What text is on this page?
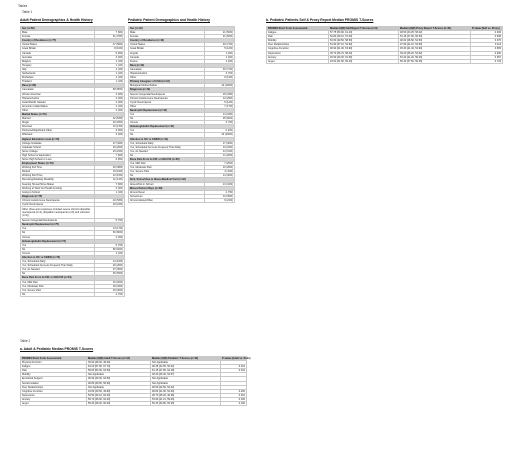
Tables
Table 1
Adult Patient Demographics & Health History
Sex (n=80)	
Male	7 (9%)
Female	61 (76%)
Country of Residence (n=77)	
United States	47 (59%)
Great Britain	8 (10%)
Canada	5 (6%)
Australia	3 (4%)
Belgium	1 (1%)
Hungary	1 (1%)
Italy	1 (1%)
Netherlands	1 (1%)
Zimbabwe	1 (1%)
Thailand	1 (1%)
Race (n=80)	
Caucasian	68 (85%)
African American	3 (4%)
Hispanic/Latino	2 (3%)
Asian/Pacific Islander	2 (3%)
American Indian/Native	1 (1%)
Other	2 (3%)
Marital Status (n=79)	
Married	42 (53%)
Single	20 (25%)
Divorced	10 (13%)
Partnered/Significant Other	4 (5%)
Widowed	3 (4%)
Highest Education Level (n=79)	
College Graduate	27 (34%)
Graduate School	20 (25%)
Some College	19 (24%)
High School or Equivalent	7 (9%)
Some High School or Less	6 (8%)
Employment Status (n=79)	
Working Full Time	30 (38%)
Retired	15 (19%)
Working Part Time	12 (15%)
Receiving/Awaiting Disability	11 (14%)
Keeping House/Home Maker	7 (9%)
Working to Work but Health Limiting	3 (4%)
Going to School	1 (1%)
Diagnosis (n=75)	
Chronic Autoimmune Neutropenia	40 (53%)
Cyclic Neutropenia	18 (24%)
Other (Free-text responses included severe chronic idiopathic neutropenia (n=4), idiopathic neutropenia (n=3) and unknown (n=1))	
Severe Congenital Neutropenia	5 (7%)
Neutrophil Replacement (n=75)	
Yes	13 (17%)
No	60 (80%)
Unsure	2 (3%)
Immunoglobulin Replacement (n=74)	
Yes	5 (7%)
No	68 (92%)
Unsure	1 (1%)
Infection in ICU or ER/ED (n=76)	
Yes, Scheduled Daily	14 (18%)
Yes, Scheduled but Less Frequent Than Daily	20 (26%)
Yes, As Needed	27 (36%)
No	45 (59%)
Bone Pain From G-CSF or GM-CSF (n=54)	
Yes, Mild Pain	16 (30%)
Yes, Moderate Pain	18 (33%)
Yes, Severe Pain	16 (30%)
No	4 (7%)
Pediatric Patient Demographics and Health History
Sex (n=42)	
Male	21 (50%)
Female	21 (50%)
Country of Residence (n=42)	
United States	30 (71%)
Great Britain	5 (12%)
Angola	1 (2%)
Canada	1 (2%)
France	1 (2%)
Race (n=42)	
Caucasian	30 (71%)
Hispanic/Latino	3 (7%)
Other	6 (14%)
Primary Caregiver of Child (n=42)	
Biological Mother/Father	42 (100%)
Diagnosis (n=42)	
Severe Congenital Neutropenia	18 (43%)
Chronic Autoimmune Neutropenia	12 (29%)
Cyclic Neutropenia	5 (12%)
Other	7 (17%)
Neutrophil Replacement (n=42)	
Yes	14 (33%)
No	25 (60%)
Unsure	3 (7%)
Immunoglobulin Replacement (n=42)	
Yes	0 (0%)
No	42 (100%)
Infection in ICU or ER/ED (n=42)	
Yes, Scheduled Daily	17 (40%)
Yes, Scheduled but Less Frequent Than Daily	10 (24%)
Yes, As Needed	13 (31%)
No	11 (26%)
Bone Pain From G-CSF or GM-CSF (n=35)	
Yes, Mild Pain	7 (20%)
Yes, Moderate Pain	10 (29%)
Yes, Severe Pain	4 (11%)
No	14 (40%)
Sick, School Due to Illness/Medical Visit (n=32)	
Absent/Not in School	13 (41%)
Missed School Days (n=28)	
Almost Never	2 (7%)
Sometimes	10 (36%)
Almost Always/Often	6 (21%)
b. Pediatric Patients Self & Proxy Report Median PROMIS T-Scores
PROMIS Short Form Assessment	Median (IQR) Self Report T-Scores (n=9)	Median (IQR) Proxy Report T-Scores (n=31)	P-value (Self vs. Proxy)
Fatigue	57.75 [50.90, 61.43]	48.50 [43.25, 58.02]	0.306
Pain	52.80 [49.10, 57.00]	51.15 [47.90, 60.53]	0.608
Mobility	54.50 [49.50, 58.50]	48.00 [46.50, 54.50]	0.376
Peer Relationships	51.90 [37.10, 54.90]	47.90 [41.10, 53.90]	0.113
Cognitive Function	48.90 [41.00, 54.90]	45.30 [41.40, 54.90]	0.805
Depression	36.70 [36.70, 58.00]	39.20 [36.20, 53.62]	0.930
Anxiety	46.90 [40.00, 51.50]	54.40 [41.20, 59.20]	0.357
Anger	43.60 [31.50, 56.20]	50.30 [37.50, 56.25]	0.734
Table 2
a. Adult & Pediatric Median PROMIS T-Scores
PROMIS Short Form Assessment	Median (IQR) Adult T-Scores (n=44)	Median (IQR) Pediatric T-Scores (n=42)	P-value (Adult vs. Peds)
Physical Function	39.90 [48.30, 49.00]	Not Applicable	
Fatigue	64.00 [57.90, 67.70]	48.35 [44.55, 56.02]	0.001
Pain	59.60 [50.30, 64.50]	51.15 [47.80, 63.18]	0.001
Mobility	Not Applicable	48.20 [46.40, 54.57]	
Emotional Support	48.90 [40.30, 63.50]	Not Applicable	
Social Isolation	48.80 [39.90, 56.90]	Not Applicable	
Peer Relationships	Not Applicable	48.50 [42.50, 52.02]	
Cognitive Function	43.60 [30.50, 49.80]	48.80 [41.90, 52.60]	0.200
Depression	53.50 [44.10, 62.00]	38.70 [36.20, 46.65]	0.001
Anxiety	59.70 [46.90, 63.40]	53.90 [41.21, 59.00]	0.160
Anger	55.20 [46.00, 60.00]	50.30 [34.80, 56.25]	0.160
